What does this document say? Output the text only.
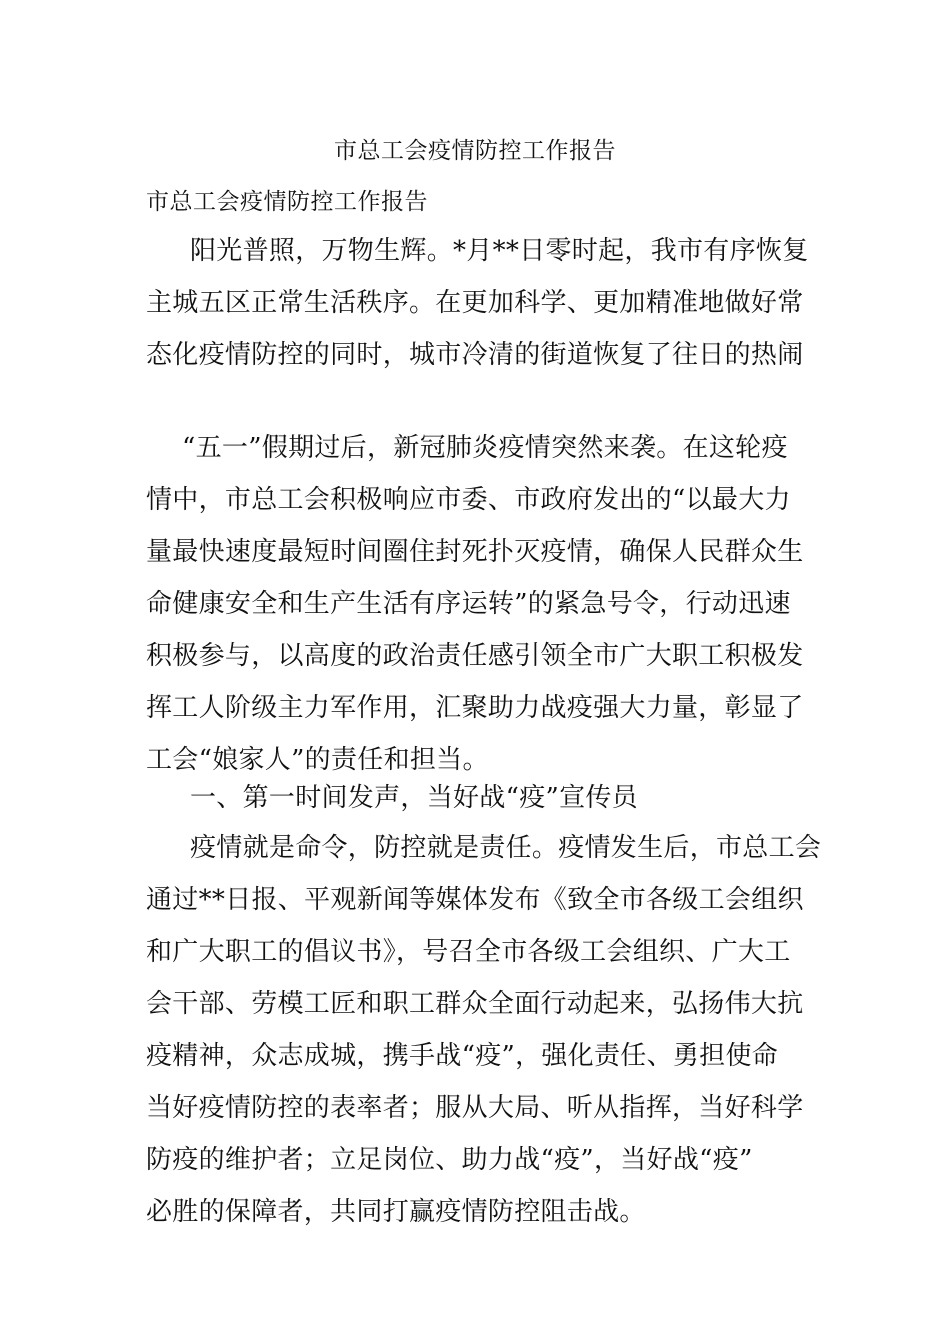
市总工会疫情防控工作报告
市总工会疫情防控工作报告
阳光普照，万物生辉。*月**日零时起，我市有序恢复
主城五区正常生活秩序。在更加科学、更加精准地做好常
态化疫情防控的同时，城市冷清的街道恢复了往日的热闹
“五一”假期过后，新冠肺炎疫情突然来袭。在这轮疫
情中，市总工会积极响应市委、市政府发出的“以最大力
量最快速度最短时间圈住封死扑灭疫情，确保人民群众生
命健康安全和生产生活有序运转”的紧急号令，行动迅速
积极参与，以高度的政治责任感引领全市广大职工积极发
挥工人阶级主力军作用，汇聚助力战疫强大力量，彰显了
工会“娘家人”的责任和担当。
一、第一时间发声，当好战“疫”宣传员
疫情就是命令，防控就是责任。疫情发生后，市总工会
通过**日报、平观新闻等媒体发布《致全市各级工会组织
和广大职工的倡议书》，号召全市各级工会组织、广大工
会干部、劳模工匠和职工群众全面行动起来，弘扬伟大抗
疫精神，众志成城，携手战“疫”，强化责任、勇担使命
当好疫情防控的表率者；服从大局、听从指挥，当好科学
防疫的维护者；立足岗位、助力战“疫”，当好战“疫”
必胜的保障者，共同打赢疫情防控阻击战。
